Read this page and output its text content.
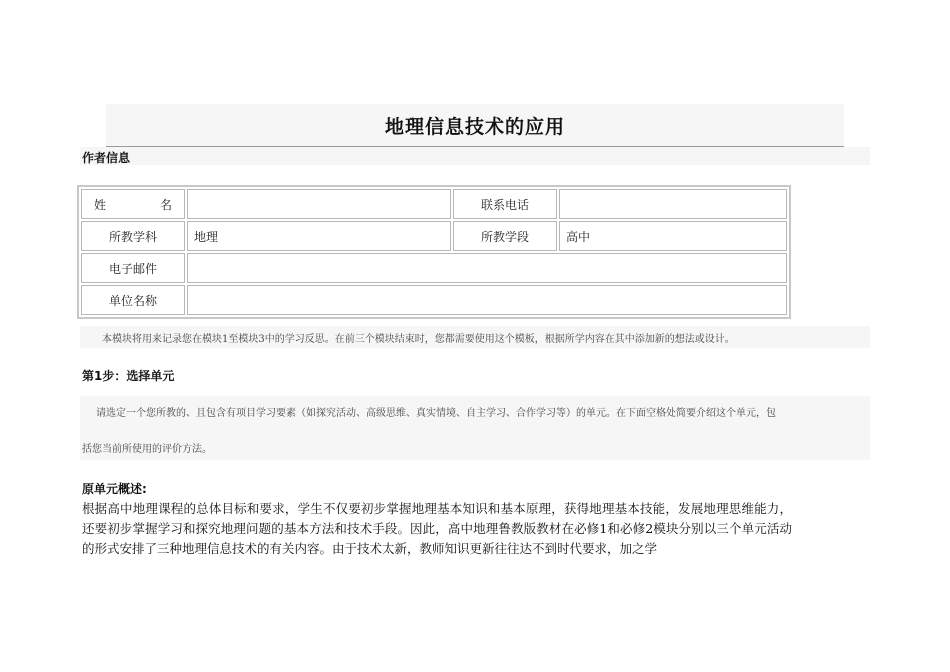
地理信息技术的应用
作者信息
姓名		联系电话	
所教学科	地理	所教学段	高中
电子邮件			
单位名称			

本模块将用来记录您在模块1至模块3中的学习反思。在前三个模块结束时，您都需要使用这个模板，根据所学内容在其中添加新的想法或设计。

第1步：选择单元

请选定一个您所教的、且包含有项目学习要素（如探究活动、高级思维、真实情境、自主学习、合作学习等）的单元。在下面空格处简要介绍这个单元，包

括您当前所使用的评价方法。

原单元概述:

根据高中地理课程的总体目标和要求，学生不仅要初步掌握地理基本知识和基本原理，获得地理基本技能，发展地理思维能力，还要初步掌握学习和探究地理问题的基本方法和技术手段。因此，高中地理鲁教版教材在必修1和必修2模块分别以三个单元活动的形式安排了三种地理信息技术的有关内容。由于技术太新，教师知识更新往往达不到时代要求，加之学
